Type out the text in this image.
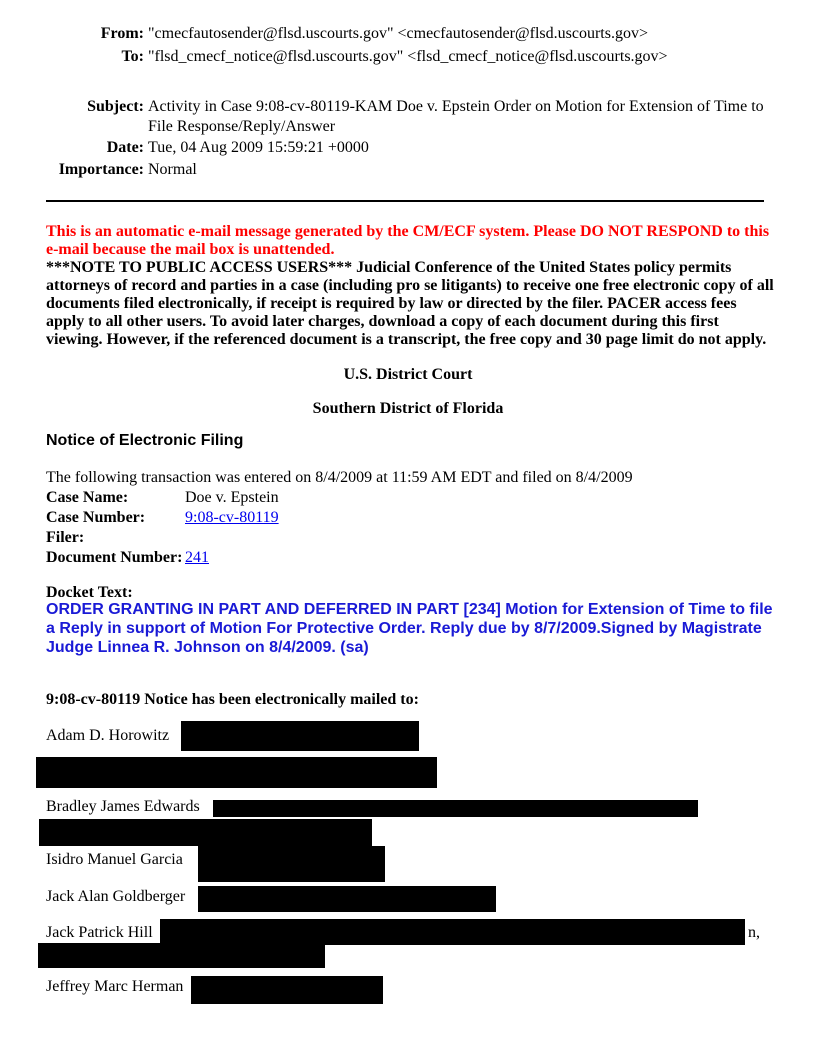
From: "cmecfautosender@flsd.uscourts.gov" <cmecfautosender@flsd.uscourts.gov>
To: "flsd_cmecf_notice@flsd.uscourts.gov" <flsd_cmecf_notice@flsd.uscourts.gov>
Subject: Activity in Case 9:08-cv-80119-KAM Doe v. Epstein Order on Motion for Extension of Time to File Response/Reply/Answer
Date: Tue, 04 Aug 2009 15:59:21 +0000
Importance: Normal
This is an automatic e-mail message generated by the CM/ECF system. Please DO NOT RESPOND to this e-mail because the mail box is unattended.
***NOTE TO PUBLIC ACCESS USERS*** Judicial Conference of the United States policy permits attorneys of record and parties in a case (including pro se litigants) to receive one free electronic copy of all documents filed electronically, if receipt is required by law or directed by the filer. PACER access fees apply to all other users. To avoid later charges, download a copy of each document during this first viewing. However, if the referenced document is a transcript, the free copy and 30 page limit do not apply.
U.S. District Court
Southern District of Florida
Notice of Electronic Filing
The following transaction was entered on 8/4/2009 at 11:59 AM EDT and filed on 8/4/2009
Case Name:	Doe v. Epstein
Case Number: 9:08-cv-80119
Filer:
Document Number: 241
Docket Text:
ORDER GRANTING IN PART AND DEFERRED IN PART [234] Motion for Extension of Time to file a Reply in support of Motion For Protective Order. Reply due by 8/7/2009.Signed by Magistrate Judge Linnea R. Johnson on 8/4/2009. (sa)
9:08-cv-80119 Notice has been electronically mailed to:
Adam D. Horowitz
Bradley James Edwards
Isidro Manuel Garcia
Jack Alan Goldberger
Jack Patrick Hill	n,
Jeffrey Marc Herman
